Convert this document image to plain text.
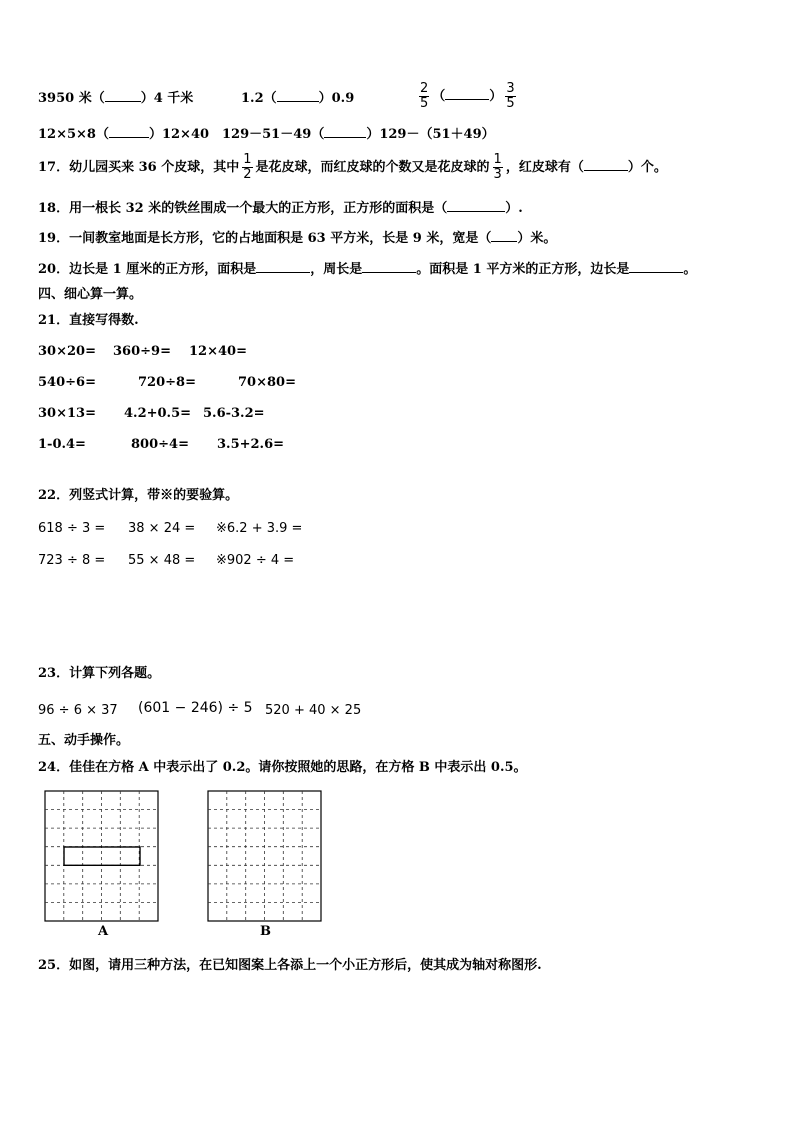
3950 米（	）4 千米	1.2（	）0.9	$\frac{2}{5}$ （	） $\frac{3}{5}$
12×5×8（	）12×40 129－51－49（	）129－（51＋49）
17．幼儿园买来 36 个皮球，其中 $\frac{1}{2}$ 是花皮球，而红皮球的个数又是花皮球的 $\frac{1}{3}$ ，红皮球有（	）个。
18．用一根长 32 米的铁丝围成一个最大的正方形，正方形的面积是（	）.
19．一间教室地面是长方形，它的占地面积是 63 平方米，长是 9 米，宽是（ ）米。
20．边长是 1 厘米的正方形，面积是	，周长是	。面积是 1 平方米的正方形，边长是	。
四、细心算一算。
21．直接写得数.
30×20= 360÷9= 12×40=
540÷6=	720÷8=	70×80=
30×13= 4.2+0.5= 5.6-3.2=
1-0.4=	800÷4= 3.5+2.6=
22．列竖式计算，带※的要验算。
618 ÷ 3 = 38 × 24 = ※6.2 + 3.9 =
723 ÷ 8 = 55 × 48 = ※902 ÷ 4 =
23．计算下列各题。
96 ÷ 6 × 37 (601 − 246) ÷ 5 520 + 40 × 25
五、动手操作。
24．佳佳在方格 A 中表示出了 0.2。请你按照她的思路，在方格 B 中表示出 0.5。
A	B
25．如图，请用三种方法，在已知图案上各添上一个小正方形后，使其成为轴对称图形.
